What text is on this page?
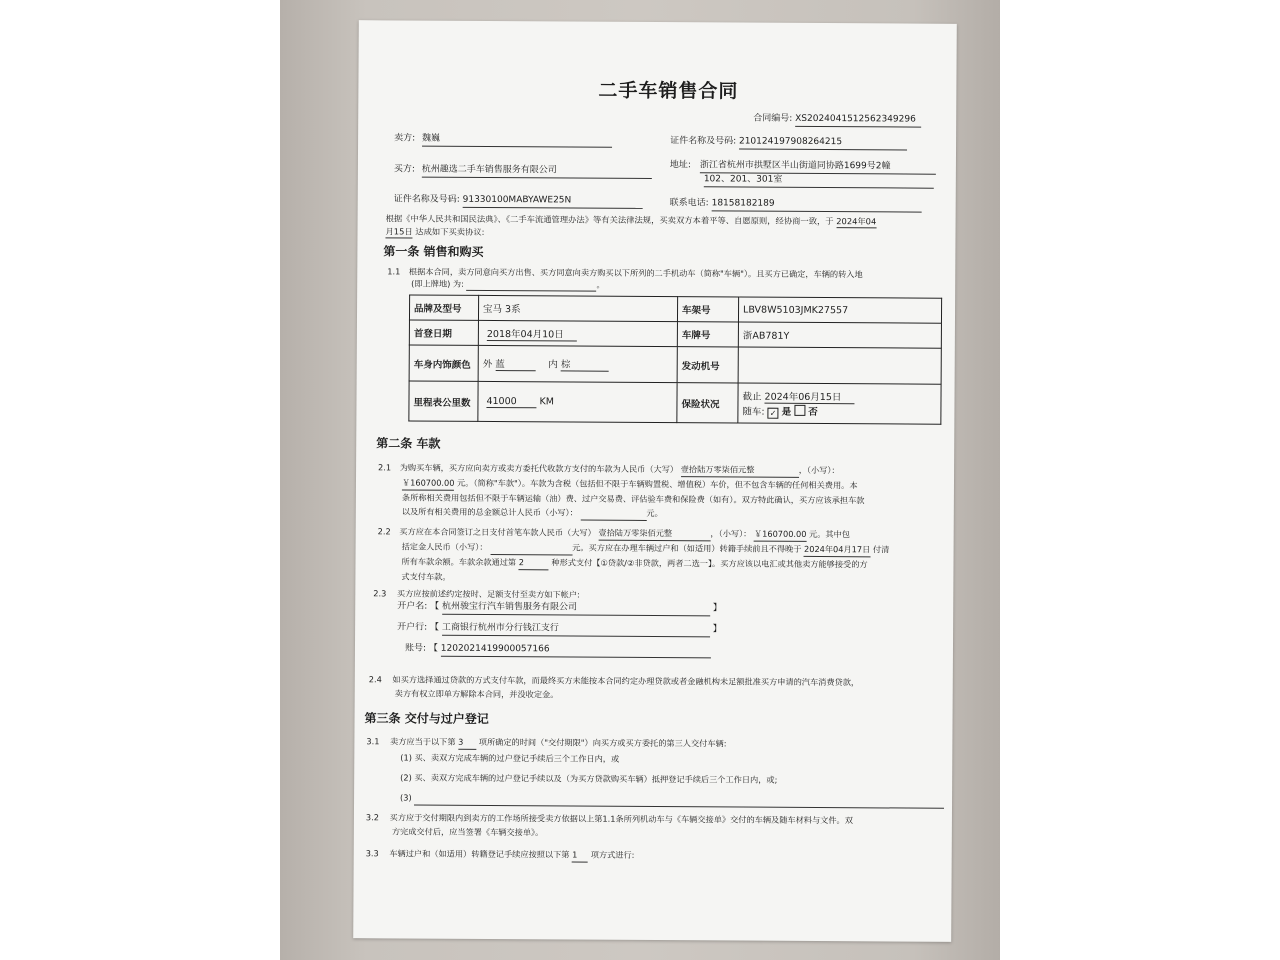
二手车销售合同
合同编号: XS20240415125623492​96
卖方: 魏巍	证件名称及号码: 210124197908264215
买方: 杭州趣选二手车销售服务有限公司	地址: 浙江省杭州市拱墅区半山街道同协路1699号2幢
102、201、301室
证件名称及号码: 91330100MABYAWE25N	联系电话: 18158182189
根据《中华人民共和国民法典》、《二手车流通管理办法》等有关法律法规，买卖双方本着平等、自愿原则，经协商一致，于 2024年04
月15日 达成如下买卖协议:
第一条 销售和购买
1.1 根据本合同，卖方同意向买方出售、买方同意向卖方购买以下所列的二手机动车（简称"车辆"）。且买方已确定，车辆的转入地
(即上牌地) 为:	。
品牌及型号	宝马 3系	车架号	LBV8W5103JMK27557
首登日期	2018年04月10日	车牌号	浙AB781Y
车身内饰颜色	外 蓝 内 棕	发动机号	
里程表公里数	41000 KM	保险状况	截止 2024年06月15日
随车: ✓ 是 否
第二条 车款
2.1 为购买车辆，买方应向卖方或卖方委托代收款方支付的车款为人民币（大写） 壹拾陆万零柒佰元整	，（小写）：
￥160700.00 元。（简称"车款"）。车款为含税（包括但不限于车辆购置税、增值税）车价，但不包含车辆的任何相关费用。本
条所称相关费用包括但不限于车辆运输（油）费、过户交易费、评估验车费和保险费（如有）。双方特此确认，买方应该承担车款
以及所有相关费用的总金额总计人民币（小写）：	元。
2.2 买方应在本合同签订之日支付首笔车款人民币（大写） 壹拾陆万零柒佰元整	，（小写）： ￥160700.00 元。其中包
括定金人民币（小写）：	元。买方应在办理车辆过户和（如适用）转籍手续前且不得晚于 2024年04月17日 付清
所有车款余额。车款余款通过第 2	种形式支付【①贷款/②非贷款，两者二选一】。买方应该以电汇或其他卖方能够接受的方
式支付车款。
2.3 买方应按前述约定按时、足额支付至卖方如下帐户:
开户名: 【 杭州骏宝行汽车销售服务有限公司	】
开户行: 【 工商银行杭州市分行钱江支行	】
账号: 【 1202021419900057166
2.4 如买方选择通过贷款的方式支付车款，而最终买方未能按本合同约定办理贷款或者金融机构未足额批准买方申请的汽车消费贷款，
卖方有权立即单方解除本合同，并没收定金。
第三条 交付与过户登记
3.1 卖方应当于以下第 3 项所确定的时间（"交付期限"）向买方或买方委托的第三人交付车辆:
(1) 买、卖双方完成车辆的过户登记手续后三个工作日内，或
(2) 买、卖双方完成车辆的过户登记手续以及（为买方贷款购买车辆）抵押登记手续后三个工作日内，或;
(3)
3.2 买方应于交付期限内到卖方的工作场所接受卖方依据以上第1.1条所列机动车与《车辆交接单》交付的车辆及随车材料与文件。双
方完成交付后，应当签署《车辆交接单》。
3.3 车辆过户和（如适用）转籍登记手续应按照以下第 1 项方式进行:
